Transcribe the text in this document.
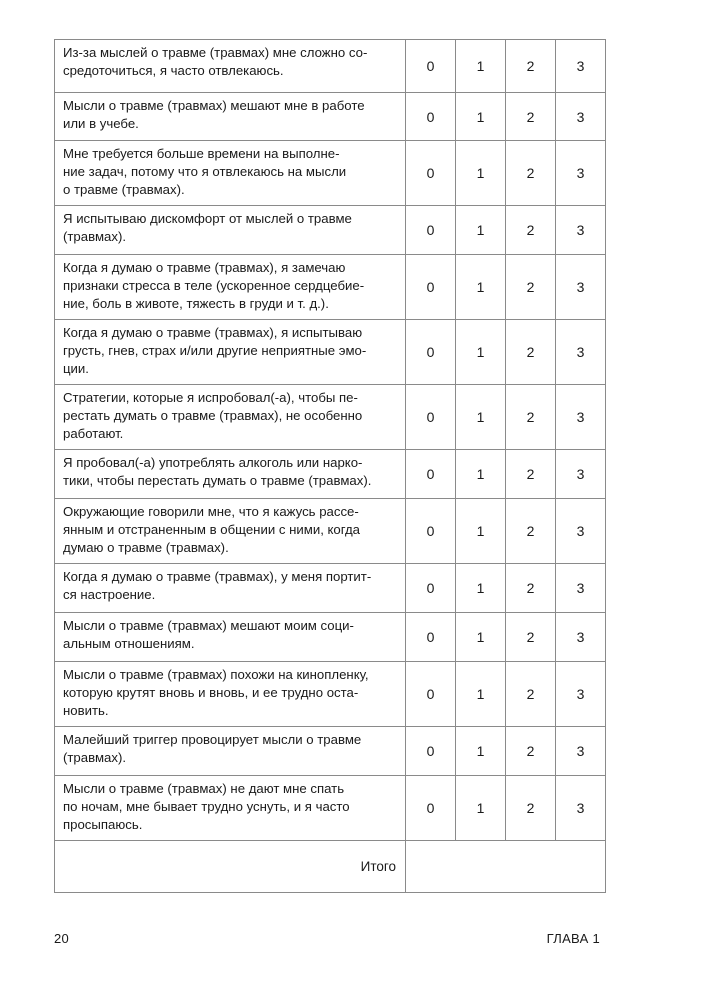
Из-за мыслей о травме (травмах) мне сложно со-
средоточиться, я часто отвлекаюсь.	0	1	2	3

Мысли о травме (травмах) мешают мне в работе
или в учебе.	0	1	2	3

Мне требуется больше времени на выполне-
ние задач, потому что я отвлекаюсь на мысли
о травме (травмах).	0	1	2	3

Я испытываю дискомфорт от мыслей о травме
(травмах).	0	1	2	3

Когда я думаю о травме (травмах), я замечаю
признаки стресса в теле (ускоренное сердцебие-
ние, боль в животе, тяжесть в груди и т. д.).	0	1	2	3

Когда я думаю о травме (травмах), я испытываю
грусть, гнев, страх и/или другие неприятные эмо-
ции.	0	1	2	3

Стратегии, которые я испробовал(-а), чтобы пе-
рестать думать о травме (травмах), не особенно
работают.	0	1	2	3

Я пробовал(-а) употреблять алкоголь или нарко-
тики, чтобы перестать думать о травме (травмах).	0	1	2	3

Окружающие говорили мне, что я кажусь рассе-
янным и отстраненным в общении с ними, когда
думаю о травме (травмах).	0	1	2	3

Когда я думаю о травме (травмах), у меня портит-
ся настроение.	0	1	2	3

Мысли о травме (травмах) мешают моим соци-
альным отношениям.	0	1	2	3

Мысли о травме (травмах) похожи на кинопленку,
которую крутят вновь и вновь, и ее трудно оста-
новить.	0	1	2	3

Малейший триггер провоцирует мысли о травме
(травмах).	0	1	2	3

Мысли о травме (травмах) не дают мне спать
по ночам, мне бывает трудно уснуть, и я часто
просыпаюсь.	0	1	2	3
Итого				
20	ГЛАВА 1
